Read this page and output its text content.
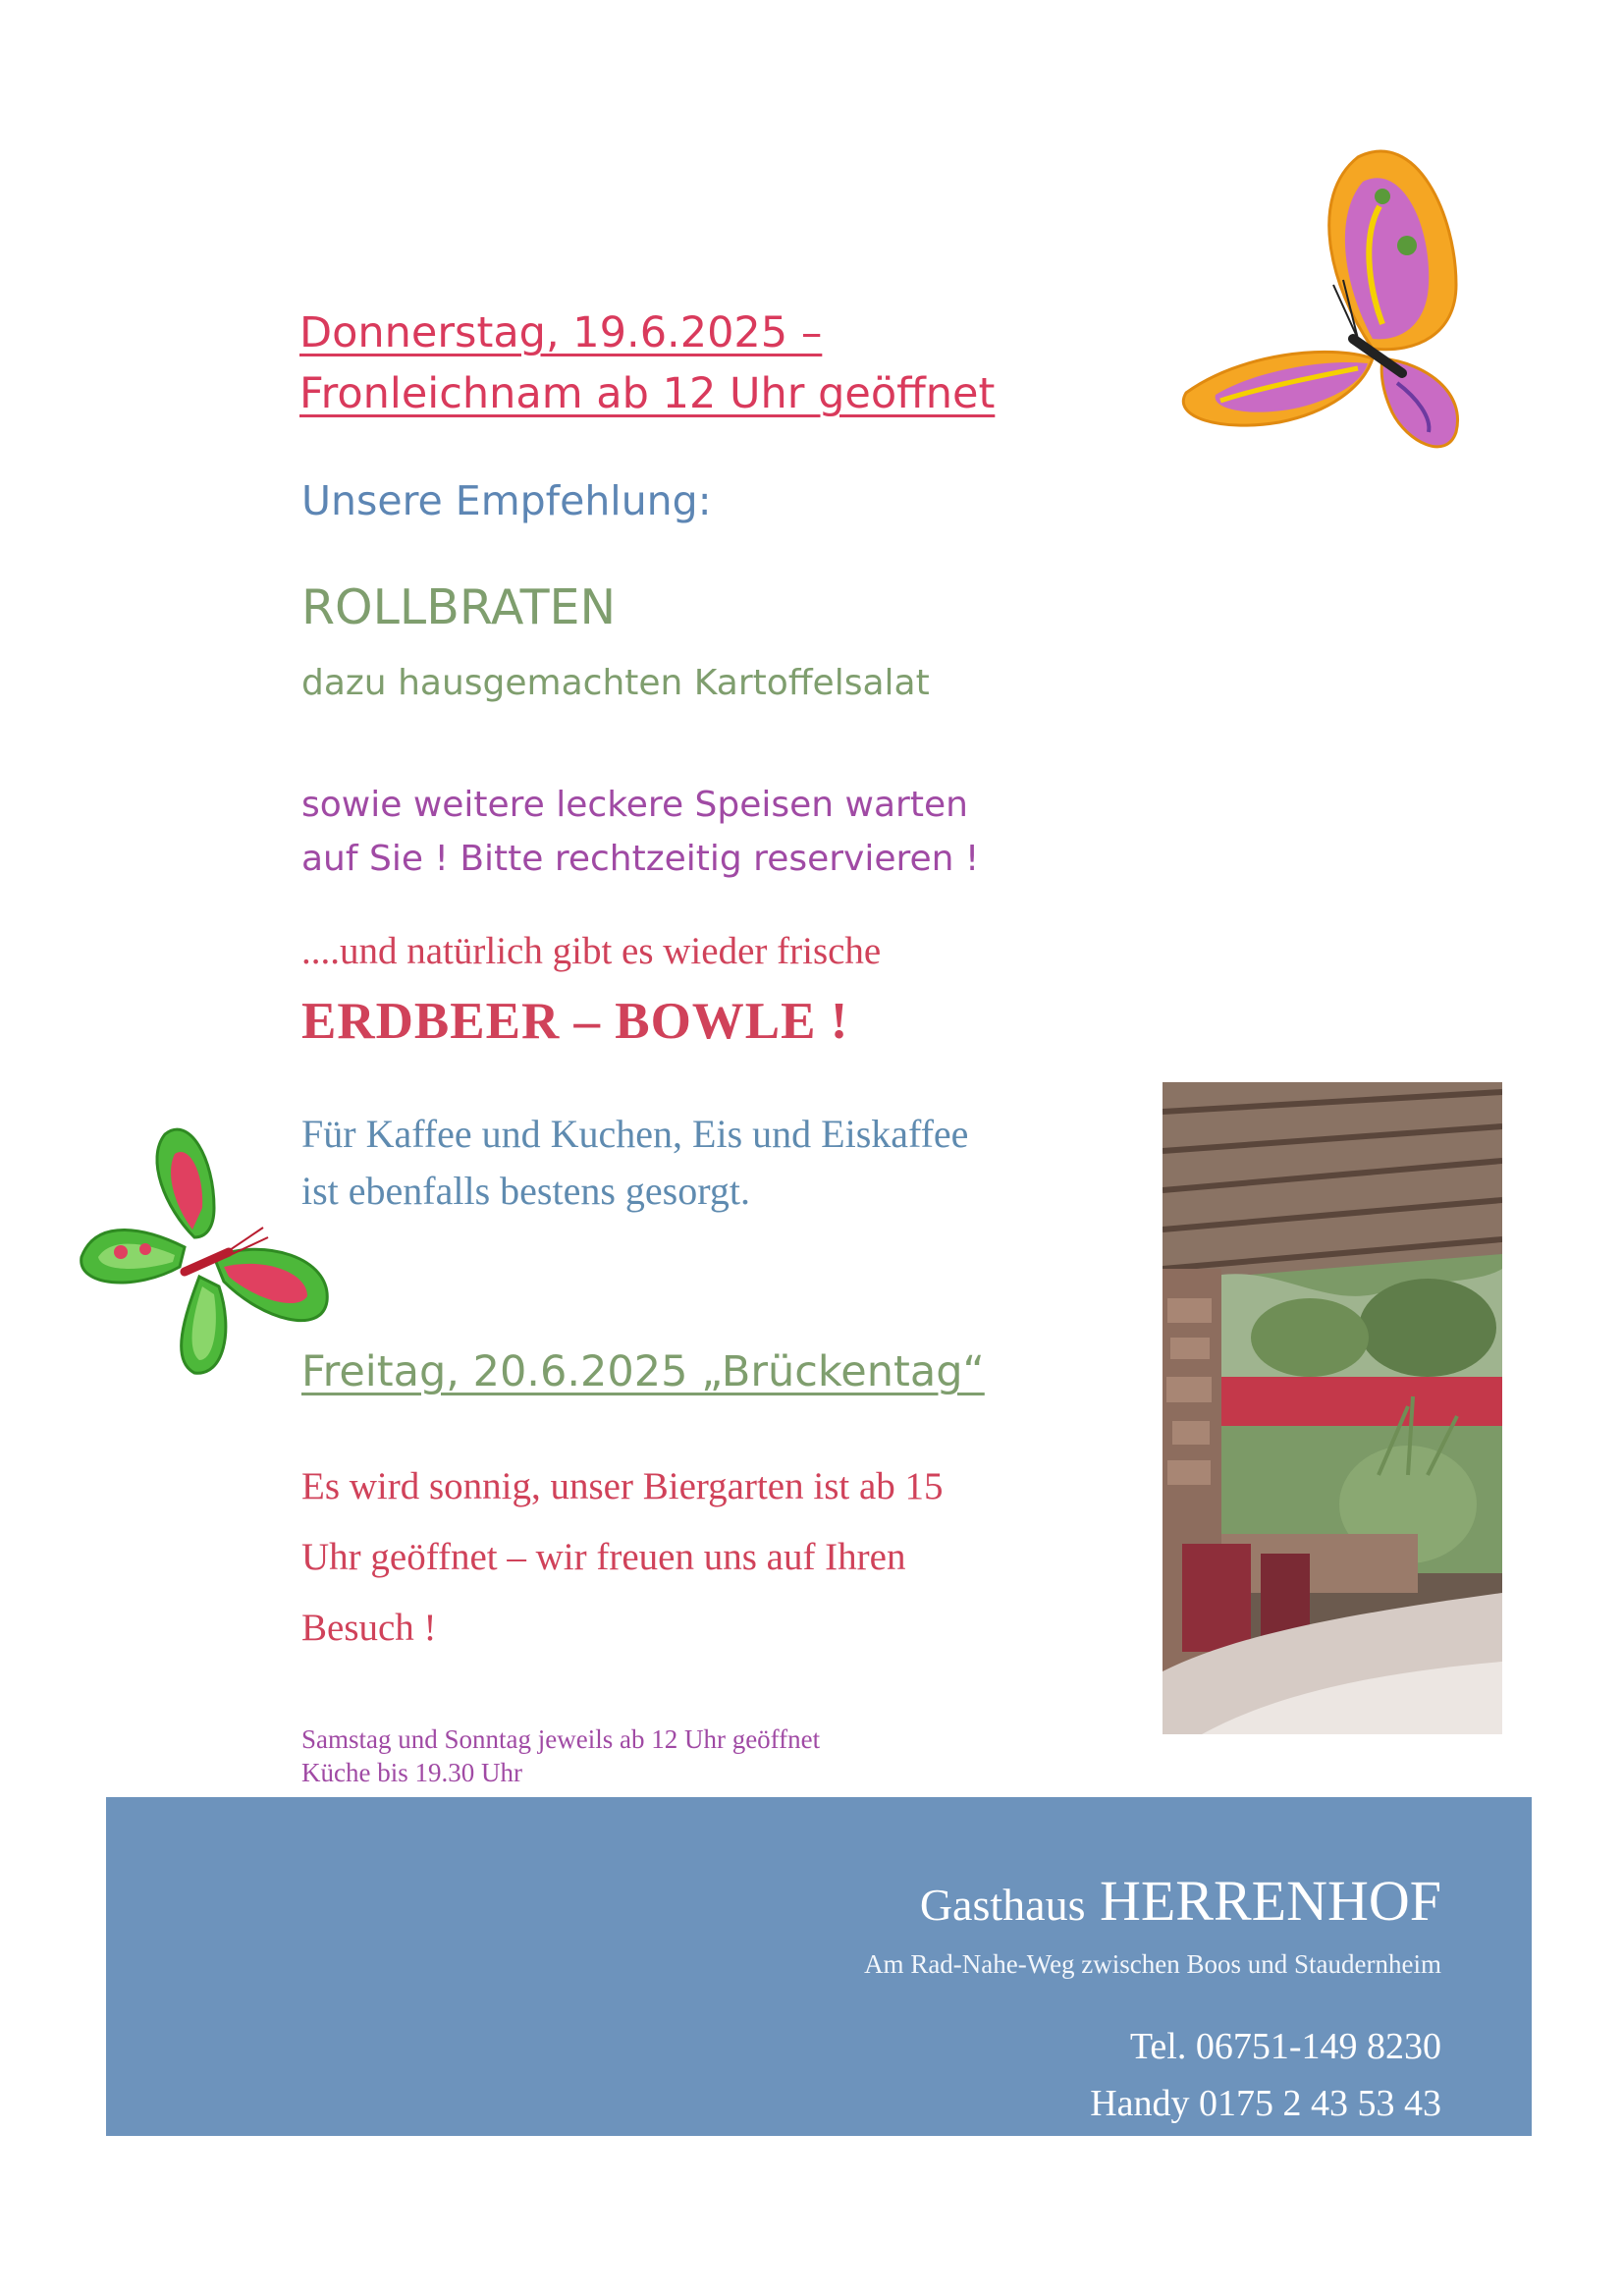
Donnerstag, 19.6.2025 –
Fronleichnam ab 12 Uhr geöffnet
Unsere Empfehlung:
ROLLBRATEN
dazu hausgemachten Kartoffelsalat
sowie weitere leckere Speisen warten
auf Sie ! Bitte rechtzeitig reservieren !
....und natürlich gibt es wieder frische
ERDBEER – BOWLE !
Für Kaffee und Kuchen, Eis und Eiskaffee
ist ebenfalls bestens gesorgt.
Freitag, 20.6.2025 „Brückentag“
Es wird sonnig, unser Biergarten ist ab 15
Uhr geöffnet – wir freuen uns auf Ihren
Besuch !
Samstag und Sonntag jeweils ab 12 Uhr geöffnet
Küche bis 19.30 Uhr
Gasthaus HERRENHOF
Am Rad-Nahe-Weg zwischen Boos und Staudernheim
Tel. 06751-149 8230
Handy 0175 2 43 53 43
